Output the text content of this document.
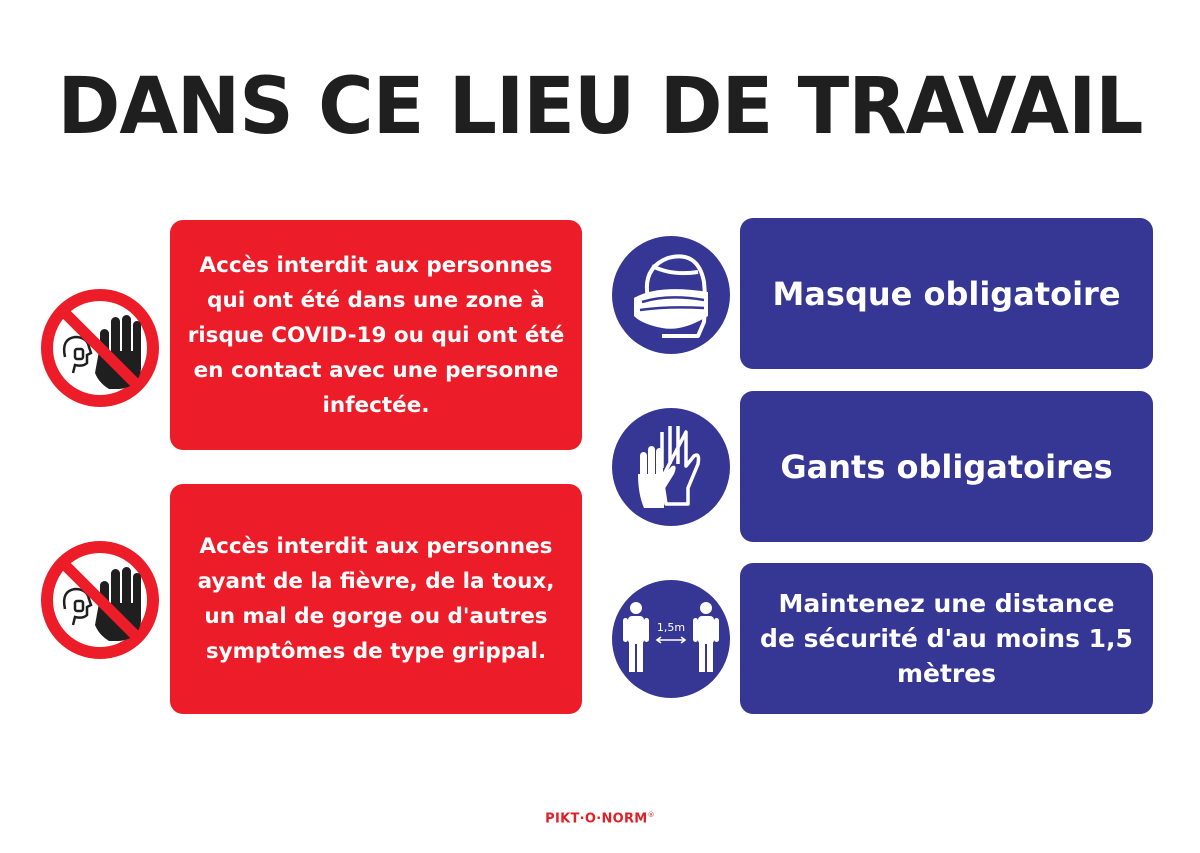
DANS CE LIEU DE TRAVAIL
Accès interdit aux personnes qui ont été dans une zone à risque COVID-19 ou qui ont été en contact avec une personne infectée.
Accès interdit aux personnes ayant de la fièvre, de la toux, un mal de gorge ou d'autres symptômes de type grippal.
Masque obligatoire
Gants obligatoires
1,5m
Maintenez une distance de sécurité d'au moins 1,5 mètres
PIKT·O·NORM®
